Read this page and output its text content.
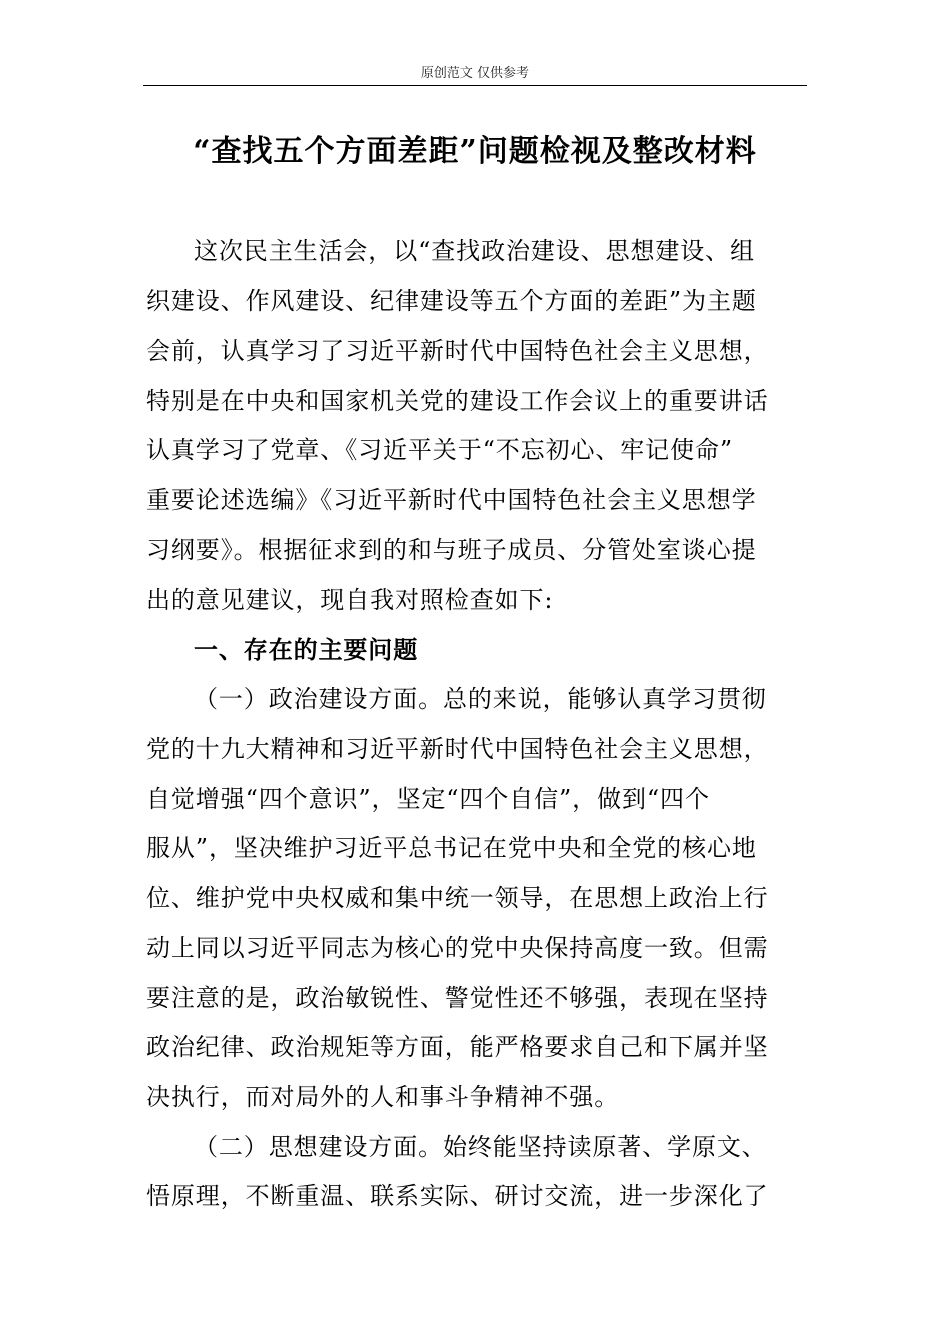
原创范文 仅供参考
“查找五个方面差距”问题检视及整改材料
这次民主生活会，以“查找政治建设、思想建设、组
织建设、作风建设、纪律建设等五个方面的差距”为主题
会前，认真学习了习近平新时代中国特色社会主义思想，
特别是在中央和国家机关党的建设工作会议上的重要讲话
认真学习了党章、《习近平关于“不忘初心、牢记使命”
重要论述选编》《习近平新时代中国特色社会主义思想学
习纲要》。根据征求到的和与班子成员、分管处室谈心提
出的意见建议，现自我对照检查如下:
一、存在的主要问题
（一）政治建设方面。总的来说，能够认真学习贯彻
党的十九大精神和习近平新时代中国特色社会主义思想，
自觉增强“四个意识”，坚定“四个自信”，做到“四个
服从”，坚决维护习近平总书记在党中央和全党的核心地
位、维护党中央权威和集中统一领导，在思想上政治上行
动上同以习近平同志为核心的党中央保持高度一致。但需
要注意的是，政治敏锐性、警觉性还不够强，表现在坚持
政治纪律、政治规矩等方面，能严格要求自己和下属并坚
决执行，而对局外的人和事斗争精神不强。
（二）思想建设方面。始终能坚持读原著、学原文、
悟原理，不断重温、联系实际、研讨交流，进一步深化了
